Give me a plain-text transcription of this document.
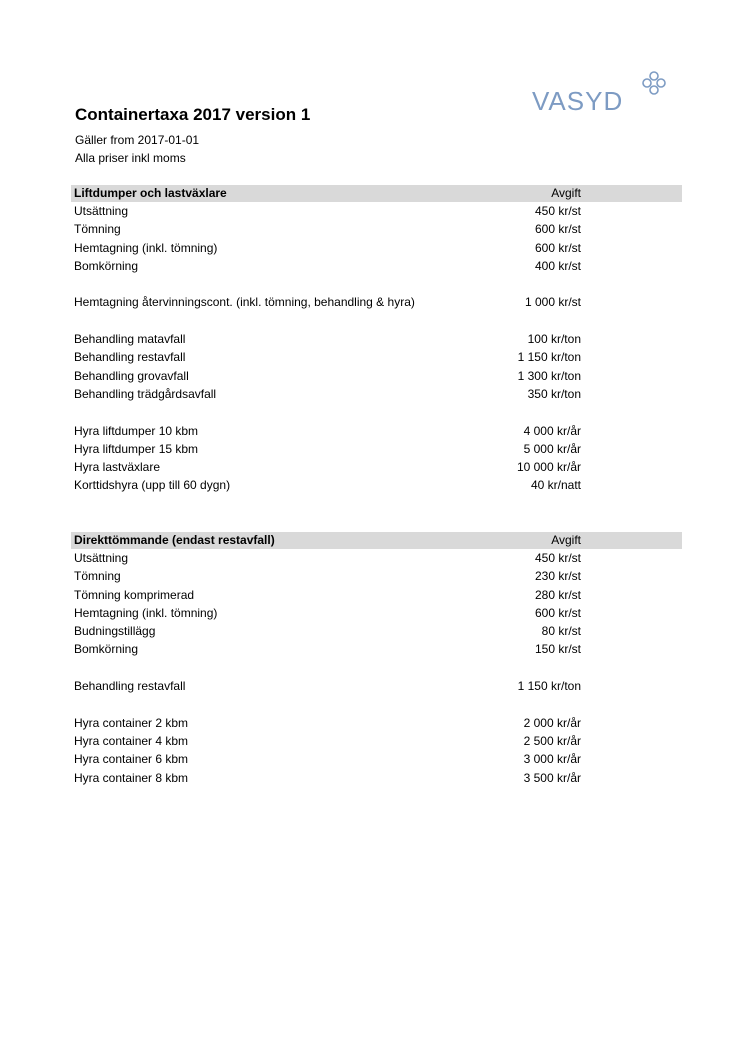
VASYD
Containertaxa 2017 version 1
Gäller from 2017-01-01
Alla priser inkl moms
Liftdumper och lastväxlare	Avgift
Utsättning	450 kr/st
Tömning	600 kr/st
Hemtagning (inkl. tömning)	600 kr/st
Bomkörning	400 kr/st
Hemtagning återvinningscont. (inkl. tömning, behandling & hyra)	1 000 kr/st
Behandling matavfall	100 kr/ton
Behandling restavfall	1 150 kr/ton
Behandling grovavfall	1 300 kr/ton
Behandling trädgårdsavfall	350 kr/ton
Hyra liftdumper 10 kbm	4 000 kr/år
Hyra liftdumper 15 kbm	5 000 kr/år
Hyra lastväxlare	10 000 kr/år
Korttidshyra (upp till 60 dygn)	40 kr/natt
Direkttömmande (endast restavfall)	Avgift
Utsättning	450 kr/st
Tömning	230 kr/st
Tömning komprimerad	280 kr/st
Hemtagning (inkl. tömning)	600 kr/st
Budningstillägg	80 kr/st
Bomkörning	150 kr/st
Behandling restavfall	1 150 kr/ton
Hyra container 2 kbm	2 000 kr/år
Hyra container 4 kbm	2 500 kr/år
Hyra container 6 kbm	3 000 kr/år
Hyra container 8 kbm	3 500 kr/år
